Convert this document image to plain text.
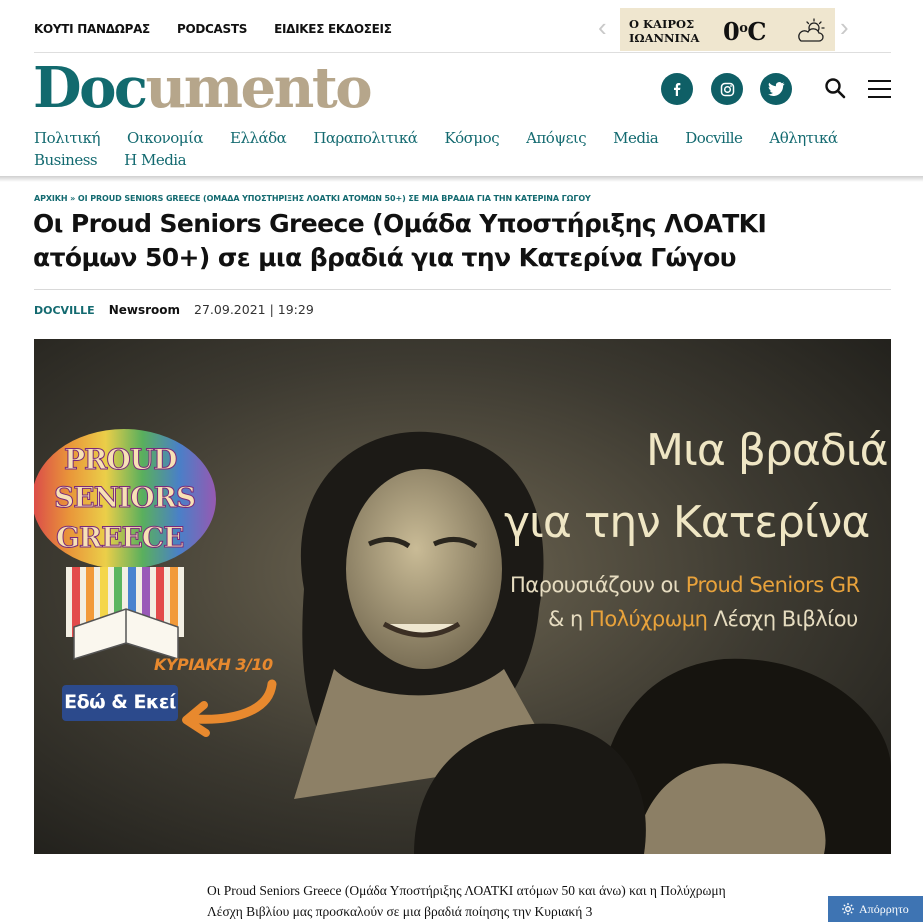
ΚΟΥΤΙ ΠΑΝΔΩΡΑΣ PODCASTS ΕΙΔΙΚΕΣ ΕΚΔΟΣΕΙΣ	‹ Ο ΚΑΙΡΟΣ
ΙΩΑΝΝΙΝΑ 0$^o$C	›
Documento
Πολιτική Οικονομία Ελλάδα Παραπολιτικά Κόσμος Απόψεις Media Docville Αθλητικά
Business Η Media
ΑΡΧΙΚΗ » ΟΙ PROUD SENIORS GREECE (ΟΜΑΔΑ ΥΠΟΣΤΗΡΙΞΗΣ ΛΟΑΤΚΙ ΑΤΟΜΩΝ 50+) ΣΕ ΜΙΑ ΒΡΑΔΙΑ ΓΙΑ ΤΗΝ ΚΑΤΕΡΙΝΑ ΓΩΓΟΥ
Οι Proud Seniors Greece (Ομάδα Υποστήριξης ΛΟΑΤΚΙ ατόμων 50+) σε μια βραδιά για την Κατερίνα Γώγου
DOCVILLE Newsroom 27.09.2021 | 19:29
PROUD
SENIORS
GREECE
ΚΥΡΙΑΚΗ 3/10
Εδώ & Εκεί
Μια βραδιά
για την Κατερίνα
Παρουσιάζουν οι Proud Seniors GR
& η Πολύχρωμη Λέσχη Βιβλίου

Οι Proud Seniors Greece (Ομάδα Υποστήριξης ΛΟΑΤΚΙ ατόμων 50 και άνω) και η Πολύχρωμη Λέσχη Βιβλίου μας προσκαλούν σε μια βραδιά ποίησης την Κυριακή 3	Απόρρητο
